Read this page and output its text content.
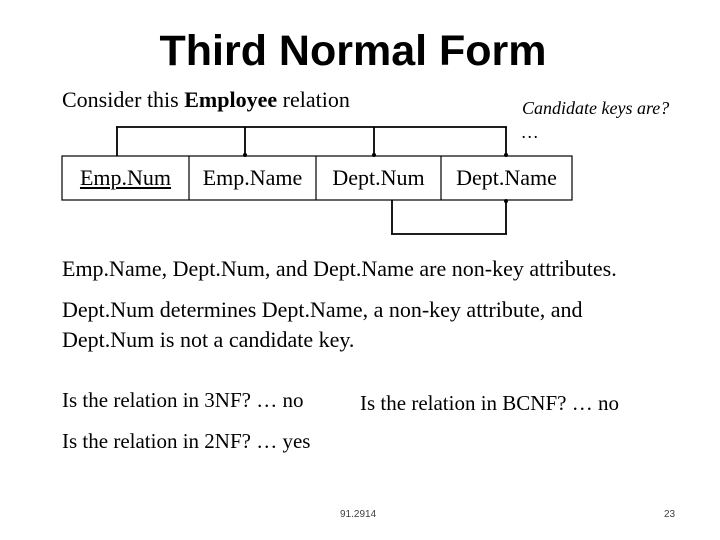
Third Normal Form
Consider this Employee relation	Candidate keys are? …
Emp.Num	Emp.Name	Dept.Num	Dept.Name
Emp.Name, Dept.Num, and Dept.Name are non-key attributes.
Dept.Num determines Dept.Name, a non-key attribute, and
Dept.Num is not a candidate key.
Is the relation in 3NF? … no	Is the relation in BCNF? … no
Is the relation in 2NF? … yes
91.2914	23
